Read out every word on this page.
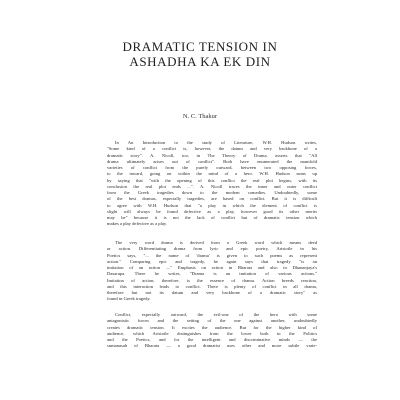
DRAMATIC TENSION IN
ASHADHA KA EK DIN
N. C. Thakur

In An Introduction to the study of Literature, W.H. Hudson writes,
"Some kind of a conflict is, however, the datum and very backbone of a
dramatic story". A. Nicoll, too, in The Theory of Drama, asserts that "All
drama ultimately arises out of conflict". Both have enumerated the manifold
varieties of conflict from the purely outward, between two opposing forces,
to the inward, going on within the mind of a hero. W.H. Hudson sums up
by saying that "with the opening of this conflict the real plot begins, with its
conclusion the real plot ends ...". A. Nicoll traces the inner and outer conflict
from the Greek tragedies down to the modern comedies. Undoubtedly, some
of the best dramas, especially tragedies, are based on conflict. But it is difficult
to agree with W.H. Hudson that "a play in which the element of conflict is
slight will always be found defective as a play, however good its other merits
may be" because it is not the lack of conflict but of dramatic tension which
makes a play defective as a play.

The very word drama is derived from a Greek word which means deed
or action. Differentiating drama from lyric and epic poetry, Aristotle in his
Poetics says, "... the name of 'drama' is given to such poems as represent
action." Comparing epic and tragedy, he again says that tragedy "is an
imitation of an action ...." Emphasis on action in Bharata and also in Dhananjaya's
Dasarupa. There he writes, "Drama is an imitation of various actions."
Imitation of action, therefore, is the essence of drama. Action breeds reaction,
and this interaction leads to conflict. There is plenty of conflict in all drama,
therefore but not its datum and very backbone of a dramatic story" as
found in Greek tragedy.

Conflict, especially outward, the evil-one of the hero with some
antagonistic forces and the setting of the one against another, undoubtedly
creates dramatic tension. It excites the audience. But for the higher kind of
audience, which Aristotle distinguishes from the lower both in the Politics
and the Poetics, and for the intelligent and discriminative minds — the
sumanasah of Bharata — a good dramatist uses other and more subtle varie-
